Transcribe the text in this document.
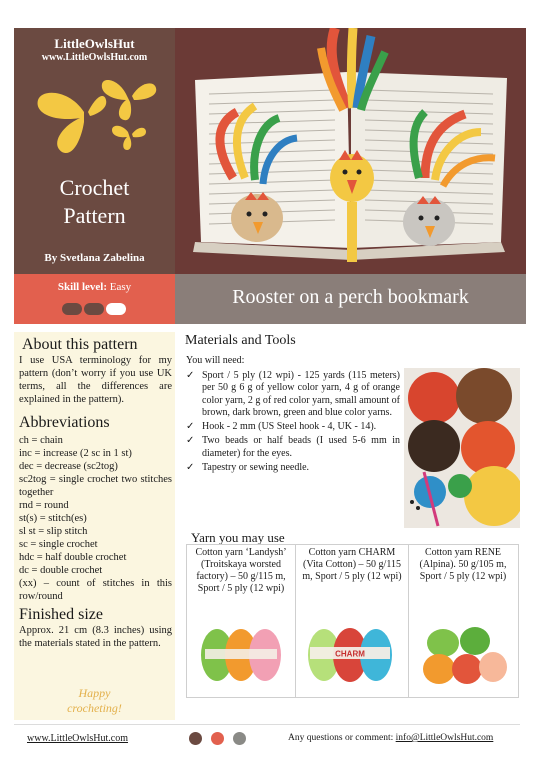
LittleOwlsHut
www.LittleOwlsHut.com
Crochet
Pattern
By Svetlana Zabelina
Skill level: Easy	Rooster on a perch bookmark
About this pattern
I use USA terminology for my pattern (don’t worry if you use UK terms, all the differences are explained in the pattern).
Abbreviations
ch = chain
inc = increase (2 sc in 1 st)
dec = decrease (sc2tog)
sc2tog = single crochet two stitches together
rnd = round
st(s) = stitch(es)
sl st = slip stitch
sc = single crochet
hdc = half double crochet
dc = double crochet
(xx) – count of stitches in this row/round
Finished size
Approx. 21 cm (8.3 inches) using the materials stated in the pattern.
Happy
crocheting!
Materials and Tools
You will need:
✓ Sport / 5 ply (12 wpi) - 125 yards (115 meters) per 50 g 6 g of yellow color yarn, 4 g of orange color yarn, 2 g of red color yarn, small amount of brown, dark brown, green and blue color yarns.
✓ Hook - 2 mm (US Steel hook - 4, UK - 14).
✓ Two beads or half beads (I used 5-6 mm in diameter) for the eyes.
✓ Tapestry or sewing needle.
Yarn you may use
Cotton yarn ‘Landysh’ (Troitskaya worsted factory) – 50 g/115 m, Sport / 5 ply (12 wpi)
Cotton yarn CHARM (Vita Cotton) – 50 g/115 m, Sport / 5 ply (12 wpi)
CHARM
Cotton yarn RENE (Alpina). 50 g/105 m, Sport / 5 ply (12 wpi)
www.LittleOwlsHut.com	Any questions or comment: info@LittleOwlsHut.com
